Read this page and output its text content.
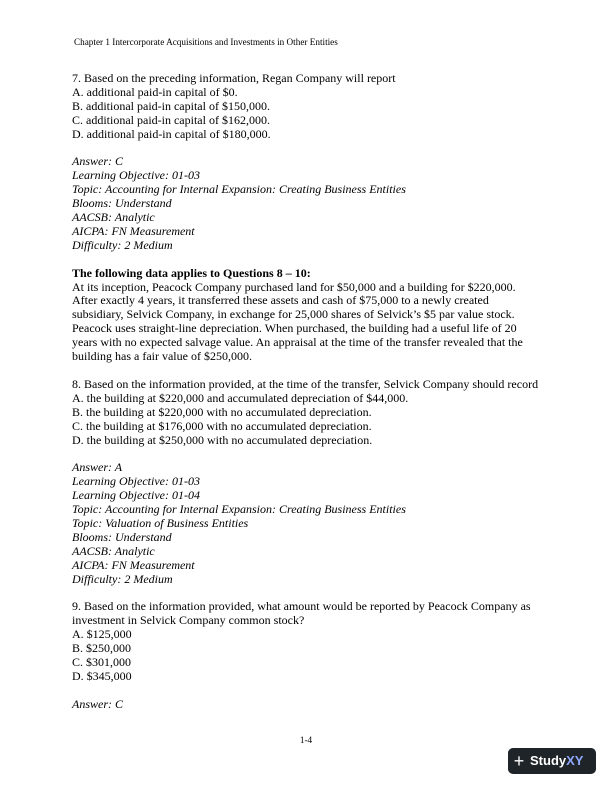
Chapter 1 Intercorporate Acquisitions and Investments in Other Entities
7. Based on the preceding information, Regan Company will report
A. additional paid-in capital of $0.
B. additional paid-in capital of $150,000.
C. additional paid-in capital of $162,000.
D. additional paid-in capital of $180,000.
Answer: C
Learning Objective: 01-03
Topic: Accounting for Internal Expansion: Creating Business Entities
Blooms: Understand
AACSB: Analytic
AICPA: FN Measurement
Difficulty: 2 Medium
The following data applies to Questions 8 – 10:
At its inception, Peacock Company purchased land for $50,000 and a building for $220,000.
After exactly 4 years, it transferred these assets and cash of $75,000 to a newly created
subsidiary, Selvick Company, in exchange for 25,000 shares of Selvick’s $5 par value stock.
Peacock uses straight-line depreciation. When purchased, the building had a useful life of 20
years with no expected salvage value. An appraisal at the time of the transfer revealed that the
building has a fair value of $250,000.
8. Based on the information provided, at the time of the transfer, Selvick Company should record
A. the building at $220,000 and accumulated depreciation of $44,000.
B. the building at $220,000 with no accumulated depreciation.
C. the building at $176,000 with no accumulated depreciation.
D. the building at $250,000 with no accumulated depreciation.
Answer: A
Learning Objective: 01-03
Learning Objective: 01-04
Topic: Accounting for Internal Expansion: Creating Business Entities
Topic: Valuation of Business Entities
Blooms: Understand
AACSB: Analytic
AICPA: FN Measurement
Difficulty: 2 Medium
9. Based on the information provided, what amount would be reported by Peacock Company as
investment in Selvick Company common stock?
A. $125,000
B. $250,000
C. $301,000
D. $345,000
Answer: C
1-4
+ Study XY
